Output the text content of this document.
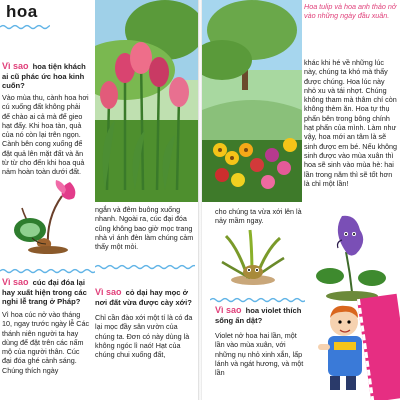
hoa
Vì sao hoa tiện khách ai cũ phác ức hoa kinh cuốn?
Vào mùa thu, cành hoa hơi cú xuống đất không phải để chào ai cả mà để gieo hạt đấy. Khi hoa tàn, quả của nó còn lại trên ngọn. Cành bên cong xuống để đặt quả lên mặt đất và ăn từ từ cho đến khi hoa quả nảm hoàn toàn dưới đất.
Vì sao cúc đại đóa lại hay xuất hiện trong các nghi lễ trang ở Pháp?
Vì hoa cúc nở vào tháng 10, ngay trước ngày lễ Các thánh niên người ta hay dùng để đặt trên các nấm mộ của người thân. Cúc đại đóa ghé cảnh sáng. Chúng thích ngày
ngắn và đêm buông xuống nhanh. Ngoài ra, cúc đại đóa cũng không bao giờ mọc trang nhà vì ánh đèn làm chúng cảm thấy một mỏi.
Vì sao cỏ dại hay mọc ở nơi đất vừa được cày xới?
Chỉ cần đào xới một tí là có đa lại mọc đầy sân vườn của chúng ta. Đơn có này dùng là không ngóc lì naó! Hạt của chúng chui xuống đất,
Hoa tulip và hoa anh thảo nở vào những ngày đầu xuân.
khác khi hé về những lúc này, chúng ta khó mà thấy được chúng. Hoa lúc này nhỏ xu và tái nhợt. Chúng không tham mà thâm chí còn không thèm ăn. Hoa tự thụ phấn bên trong bông chính hạt phấn của mình. Làm như vậy, hoa mới an tâm là sẽ sinh được em bé. Nếu không sinh được vào mùa xuân thì hoa sẽ sinh vào mùa hè: hai lần trong năm thì sẽ tốt hơn là chỉ một lần!
cho chúng ta vừa xới lên là nảy mầm ngay.
Vì sao hoa violet thích sống ẩn dật?
Violet nở hoa hai lần, một lần vào mùa xuân, với những nụ nhỏ xinh xắn, lấp lánh và ngát hương, và một lần
